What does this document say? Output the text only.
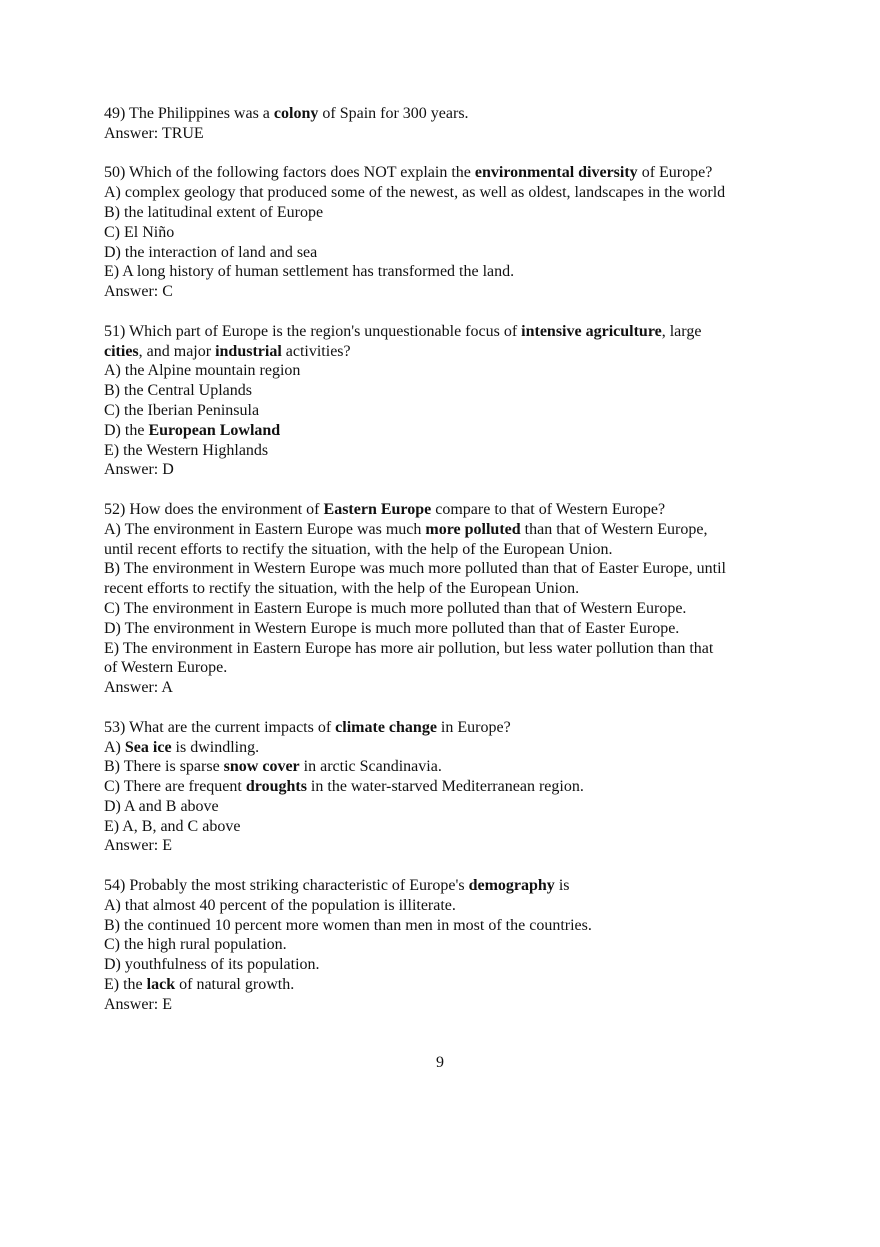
49) The Philippines was a colony of Spain for 300 years.
Answer: TRUE
50) Which of the following factors does NOT explain the environmental diversity of Europe?
A) complex geology that produced some of the newest, as well as oldest, landscapes in the world
B) the latitudinal extent of Europe
C) El Niño
D) the interaction of land and sea
E) A long history of human settlement has transformed the land.
Answer: C
51) Which part of Europe is the region's unquestionable focus of intensive agriculture, large
cities, and major industrial activities?
A) the Alpine mountain region
B) the Central Uplands
C) the Iberian Peninsula
D) the European Lowland
E) the Western Highlands
Answer: D
52) How does the environment of Eastern Europe compare to that of Western Europe?
A) The environment in Eastern Europe was much more polluted than that of Western Europe,
until recent efforts to rectify the situation, with the help of the European Union.
B) The environment in Western Europe was much more polluted than that of Easter Europe, until
recent efforts to rectify the situation, with the help of the European Union.
C) The environment in Eastern Europe is much more polluted than that of Western Europe.
D) The environment in Western Europe is much more polluted than that of Easter Europe.
E) The environment in Eastern Europe has more air pollution, but less water pollution than that
of Western Europe.
Answer: A
53) What are the current impacts of climate change in Europe?
A) Sea ice is dwindling.
B) There is sparse snow cover in arctic Scandinavia.
C) There are frequent droughts in the water-starved Mediterranean region.
D) A and B above
E) A, B, and C above
Answer: E
54) Probably the most striking characteristic of Europe's demography is
A) that almost 40 percent of the population is illiterate.
B) the continued 10 percent more women than men in most of the countries.
C) the high rural population.
D) youthfulness of its population.
E) the lack of natural growth.
Answer: E
9
